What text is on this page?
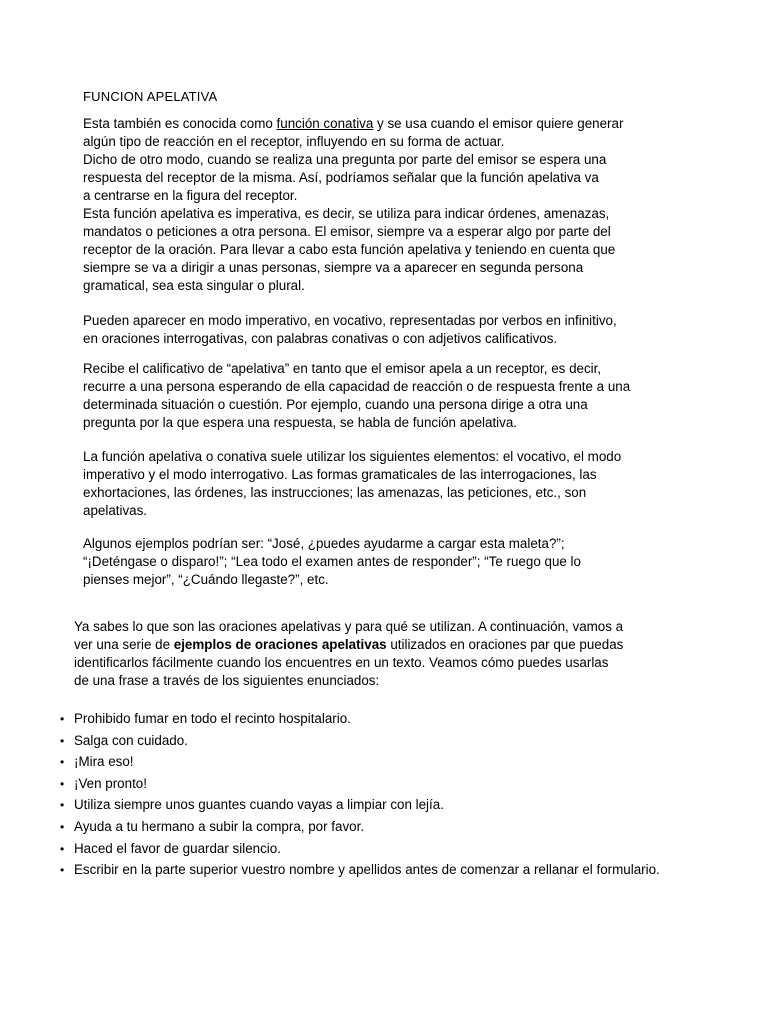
FUNCION APELATIVA
Esta también es conocida como función conativa y se usa cuando el emisor quiere generar
algún tipo de reacción en el receptor, influyendo en su forma de actuar.
Dicho de otro modo, cuando se realiza una pregunta por parte del emisor se espera una
respuesta del receptor de la misma. Así, podríamos señalar que la función apelativa va
a centrarse en la figura del receptor.
Esta función apelativa es imperativa, es decir, se utiliza para indicar órdenes, amenazas,
mandatos o peticiones a otra persona. El emisor, siempre va a esperar algo por parte del
receptor de la oración. Para llevar a cabo esta función apelativa y teniendo en cuenta que
siempre se va a dirigir a unas personas, siempre va a aparecer en segunda persona
gramatical, sea esta singular o plural.
Pueden aparecer en modo imperativo, en vocativo, representadas por verbos en infinitivo,
en oraciones interrogativas, con palabras conativas o con adjetivos calificativos.
Recibe el calificativo de “apelativa” en tanto que el emisor apela a un receptor, es decir,
recurre a una persona esperando de ella capacidad de reacción o de respuesta frente a una
determinada situación o cuestión. Por ejemplo, cuando una persona dirige a otra una
pregunta por la que espera una respuesta, se habla de función apelativa.
La función apelativa o conativa suele utilizar los siguientes elementos: el vocativo, el modo
imperativo y el modo interrogativo. Las formas gramaticales de las interrogaciones, las
exhortaciones, las órdenes, las instrucciones; las amenazas, las peticiones, etc., son
apelativas.
Algunos ejemplos podrían ser: “José, ¿puedes ayudarme a cargar esta maleta?”;
“¡Deténgase o disparo!”; “Lea todo el examen antes de responder”; “Te ruego que lo
pienses mejor”, “¿Cuándo llegaste?”, etc.
Ya sabes lo que son las oraciones apelativas y para qué se utilizan. A continuación, vamos a
ver una serie de ejemplos de oraciones apelativas utilizados en oraciones par que puedas
identificarlos fácilmente cuando los encuentres en un texto. Veamos cómo puedes usarlas
de una frase a través de los siguientes enunciados:
• Prohibido fumar en todo el recinto hospitalario.
• Salga con cuidado.
• ¡Mira eso!
• ¡Ven pronto!
• Utiliza siempre unos guantes cuando vayas a limpiar con lejía.
• Ayuda a tu hermano a subir la compra, por favor.
• Haced el favor de guardar silencio.
• Escribir en la parte superior vuestro nombre y apellidos antes de comenzar a rellanar el formulario.
